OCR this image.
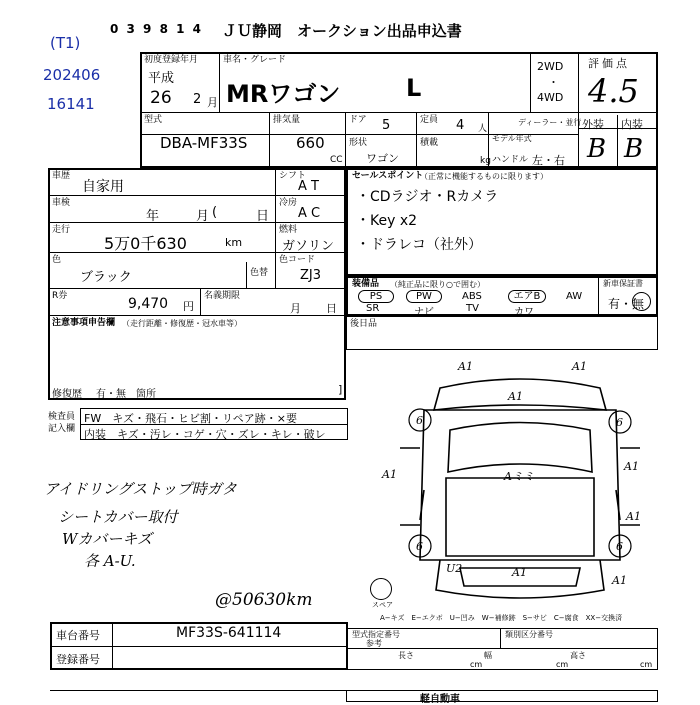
(T1)
202406
16141
0 3 9 8 1 4 ＪＵ静岡　オークション出品申込書
初度登録年月
平成
26 2 月
車名・グレード
MRワゴン	L
2WD
・
4WD
評価点
4.5
外装 内装
B B
型式
DBA-MF33S
排気量
660
CC
ドア 5
形状
ワゴン
定員 4 人
積載
kg
ディーラー・並行
モデル年式
ハンドル 左・右
車歴
自家用
車検
年	月 (	日
走行
5万0千630	km
色
ブラック	色替
シフト
A T
冷房
A C
燃料
ガソリン
色コード
ZJ3
R券	9,470 円
名義期限
月 日
注意事項申告欄 （走行距離・修復歴・冠水車等）
修復歴 有・無　箇所	]
セールスポイント
（正常に機能するものに限ります）
・CDラジオ・Rカメラ
・Key x2
・ドラレコ（社外）
装備品 （純正品に限り○で囲む）
PS	PW	ABS	エアB	AW
SR	ナビ	TV	カワ
新車保証書
有・無
後日品
検査員
記入欄
FW　キズ・飛石・ヒビ割・リペア跡・×要
内装　キズ・汚レ・コゲ・穴・ズレ・キレ・破レ
アイドリングストップ時ガタ
シートカバー取付
Wカバーキズ
各 A-U.
@50630km
A1
A1
A1
A1
A1
A1
A1
U2	A1
Aミミ
6	6
6	6
スペア
A−キズ　E−エクボ　U−凹み　W−補修跡　S−サビ　C−腐食　XX−交換済
車台番号	MF33S-641114
登録番号
型式指定番号
参考
類別区分番号
長さ
cm
幅
cm
高さ
cm
軽自動車
